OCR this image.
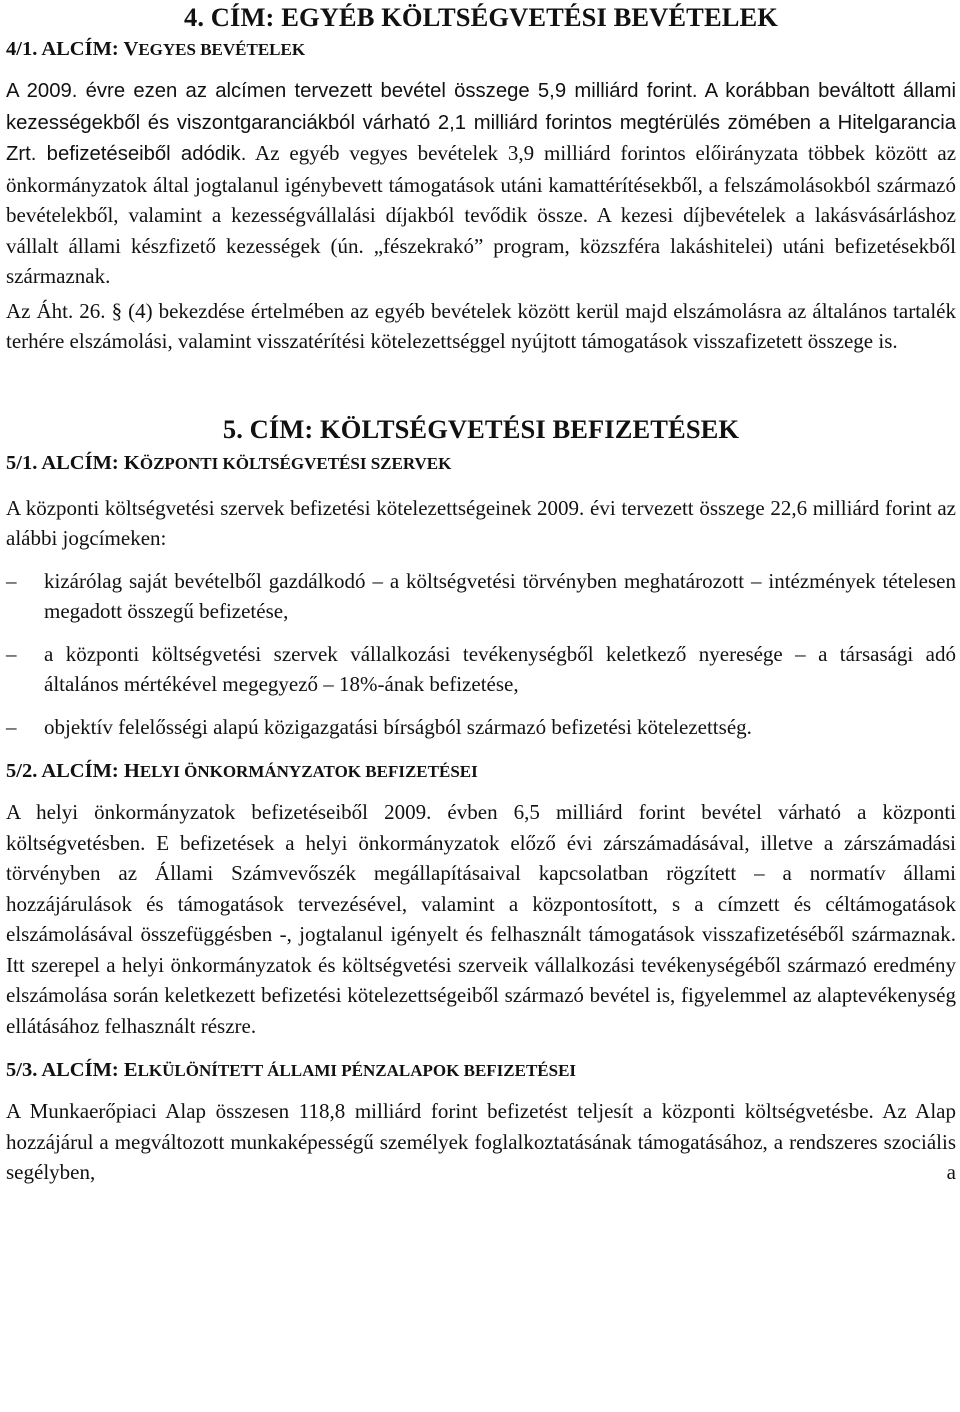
4. CÍM: EGYÉB KÖLTSÉGVETÉSI BEVÉTELEK
4/1. ALCÍM: VEGYES BEVÉTELEK

A 2009. évre ezen az alcímen tervezett bevétel összege 5,9 milliárd forint. A korábban beváltott állami kezességekből és viszontgaranciákból várható 2,1 milliárd forintos megtérülés zömében a Hitelgarancia Zrt. befizetéseiből adódik. Az egyéb vegyes bevételek 3,9 milliárd forintos előirányzata többek között az önkormányzatok által jogtalanul igénybevett támogatások utáni kamattérítésekből, a felszámolásokból származó bevételekből, valamint a kezességvállalási díjakból tevődik össze. A kezesi díjbevételek a lakásvásárláshoz vállalt állami készfizető kezességek (ún. „fészekrakó” program, közszféra lakáshitelei) utáni befizetésekből származnak.

Az Áht. 26. § (4) bekezdése értelmében az egyéb bevételek között kerül majd elszámolásra az általános tartalék terhére elszámolási, valamint visszatérítési kötelezettséggel nyújtott támogatások visszafizetett összege is.

5. CÍM: KÖLTSÉGVETÉSI BEFIZETÉSEK
5/1. ALCÍM: KÖZPONTI KÖLTSÉGVETÉSI SZERVEK

A központi költségvetési szervek befizetési kötelezettségeinek 2009. évi tervezett összege 22,6 milliárd forint az alábbi jogcímeken:

–	kizárólag saját bevételből gazdálkodó – a költségvetési törvényben meghatározott – intézmények tételesen megadott összegű befizetése,
–	a központi költségvetési szervek vállalkozási tevékenységből keletkező nyeresége – a társasági adó általános mértékével megegyező – 18%-ának befizetése,
–	objektív felelősségi alapú közigazgatási bírságból származó befizetési kötelezettség.
5/2. ALCÍM: HELYI ÖNKORMÁNYZATOK BEFIZETÉSEI

A helyi önkormányzatok befizetéseiből 2009. évben 6,5 milliárd forint bevétel várható a központi költségvetésben. E befizetések a helyi önkormányzatok előző évi zárszámadásával, illetve a zárszámadási törvényben az Állami Számvevőszék megállapításaival kapcsolatban rögzített – a normatív állami hozzájárulások és támogatások tervezésével, valamint a központosított, s a címzett és céltámogatások elszámolásával összefüggésben -, jogtalanul igényelt és felhasznált támogatások visszafizetéséből származnak. Itt szerepel a helyi önkormányzatok és költségvetési szerveik vállalkozási tevékenységéből származó eredmény elszámolása során keletkezett befizetési kötelezettségeiből származó bevétel is, figyelemmel az alaptevékenység ellátásához felhasznált részre.

5/3. ALCÍM: ELKÜLÖNÍTETT ÁLLAMI PÉNZALAPOK BEFIZETÉSEI

A Munkaerőpiaci Alap összesen 118,8 milliárd forint befizetést teljesít a központi költségvetésbe. Az Alap hozzájárul a megváltozott munkaképességű személyek foglalkoztatásának támogatásához, a rendszeres szociális segélyben, a
